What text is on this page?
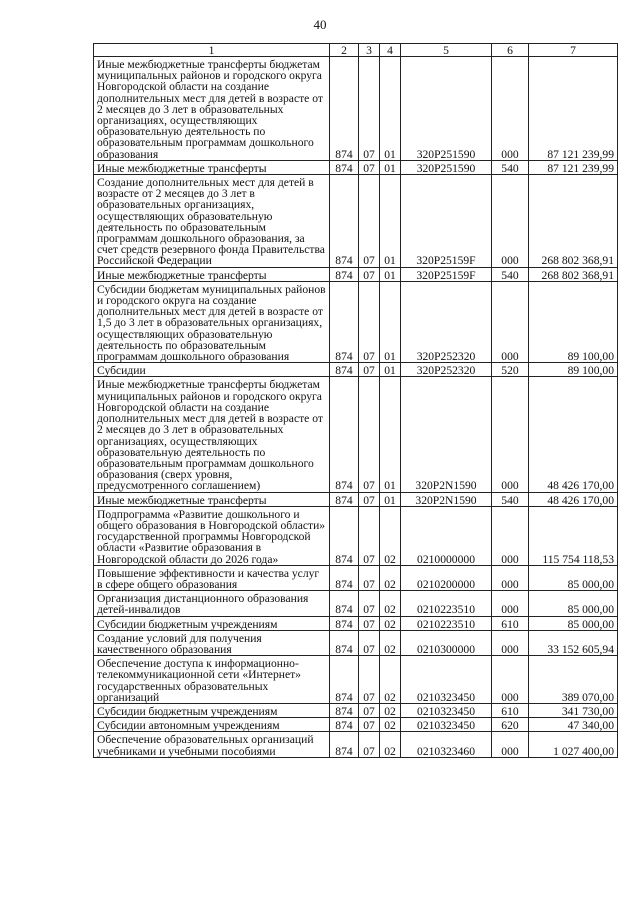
40
1	2	3	4	5	6	7
Иные межбюджетные трансферты бюджетам муниципальных районов и городского округа Новгородской области на создание дополнительных мест для детей в возрасте от 2 месяцев до 3 лет в образовательных организациях, осуществляющих образовательную деятельность по образовательным программам дошкольного образования	874	07	01	320P251590	000	87 121 239,99
Иные межбюджетные трансферты	874	07	01	320P251590	540	87 121 239,99
Создание дополнительных мест для детей в возрасте от 2 месяцев до 3 лет в образовательных организациях, осуществляющих образовательную деятельность по образовательным программам дошкольного образования, за счет средств резервного фонда Правительства Российской Федерации	874	07	01	320P25159F	000	268 802 368,91
Иные межбюджетные трансферты	874	07	01	320P25159F	540	268 802 368,91
Субсидии бюджетам муниципальных районов и городского округа на создание дополнительных мест для детей в возрасте от 1,5 до 3 лет в образовательных организациях, осуществляющих образовательную деятельность по образовательным программам дошкольного образования	874	07	01	320P252320	000	89 100,00
Субсидии	874	07	01	320P252320	520	89 100,00
Иные межбюджетные трансферты бюджетам муниципальных районов и городского округа Новгородской области на создание дополнительных мест для детей в возрасте от 2 месяцев до 3 лет в образовательных организациях, осуществляющих образовательную деятельность по образовательным программам дошкольного образования (сверх уровня, предусмотренного соглашением)	874	07	01	320P2N1590	000	48 426 170,00
Иные межбюджетные трансферты	874	07	01	320P2N1590	540	48 426 170,00
Подпрограмма «Развитие дошкольного и общего образования в Новгородской области» государственной программы Новгородской области «Развитие образования в Новгородской области до 2026 года»	874	07	02	0210000000	000	115 754 118,53
Повышение эффективности и качества услуг в сфере общего образования	874	07	02	0210200000	000	85 000,00
Организация дистанционного образования детей-инвалидов	874	07	02	0210223510	000	85 000,00
Субсидии бюджетным учреждениям	874	07	02	0210223510	610	85 000,00
Создание условий для получения качественного образования	874	07	02	0210300000	000	33 152 605,94
Обеспечение доступа к информационно-телекоммуникационной сети «Интернет» государственных образовательных организаций	874	07	02	0210323450	000	389 070,00
Субсидии бюджетным учреждениям	874	07	02	0210323450	610	341 730,00
Субсидии автономным учреждениям	874	07	02	0210323450	620	47 340,00
Обеспечение образовательных организаций учебниками и учебными пособиями	874	07	02	0210323460	000	1 027 400,00
